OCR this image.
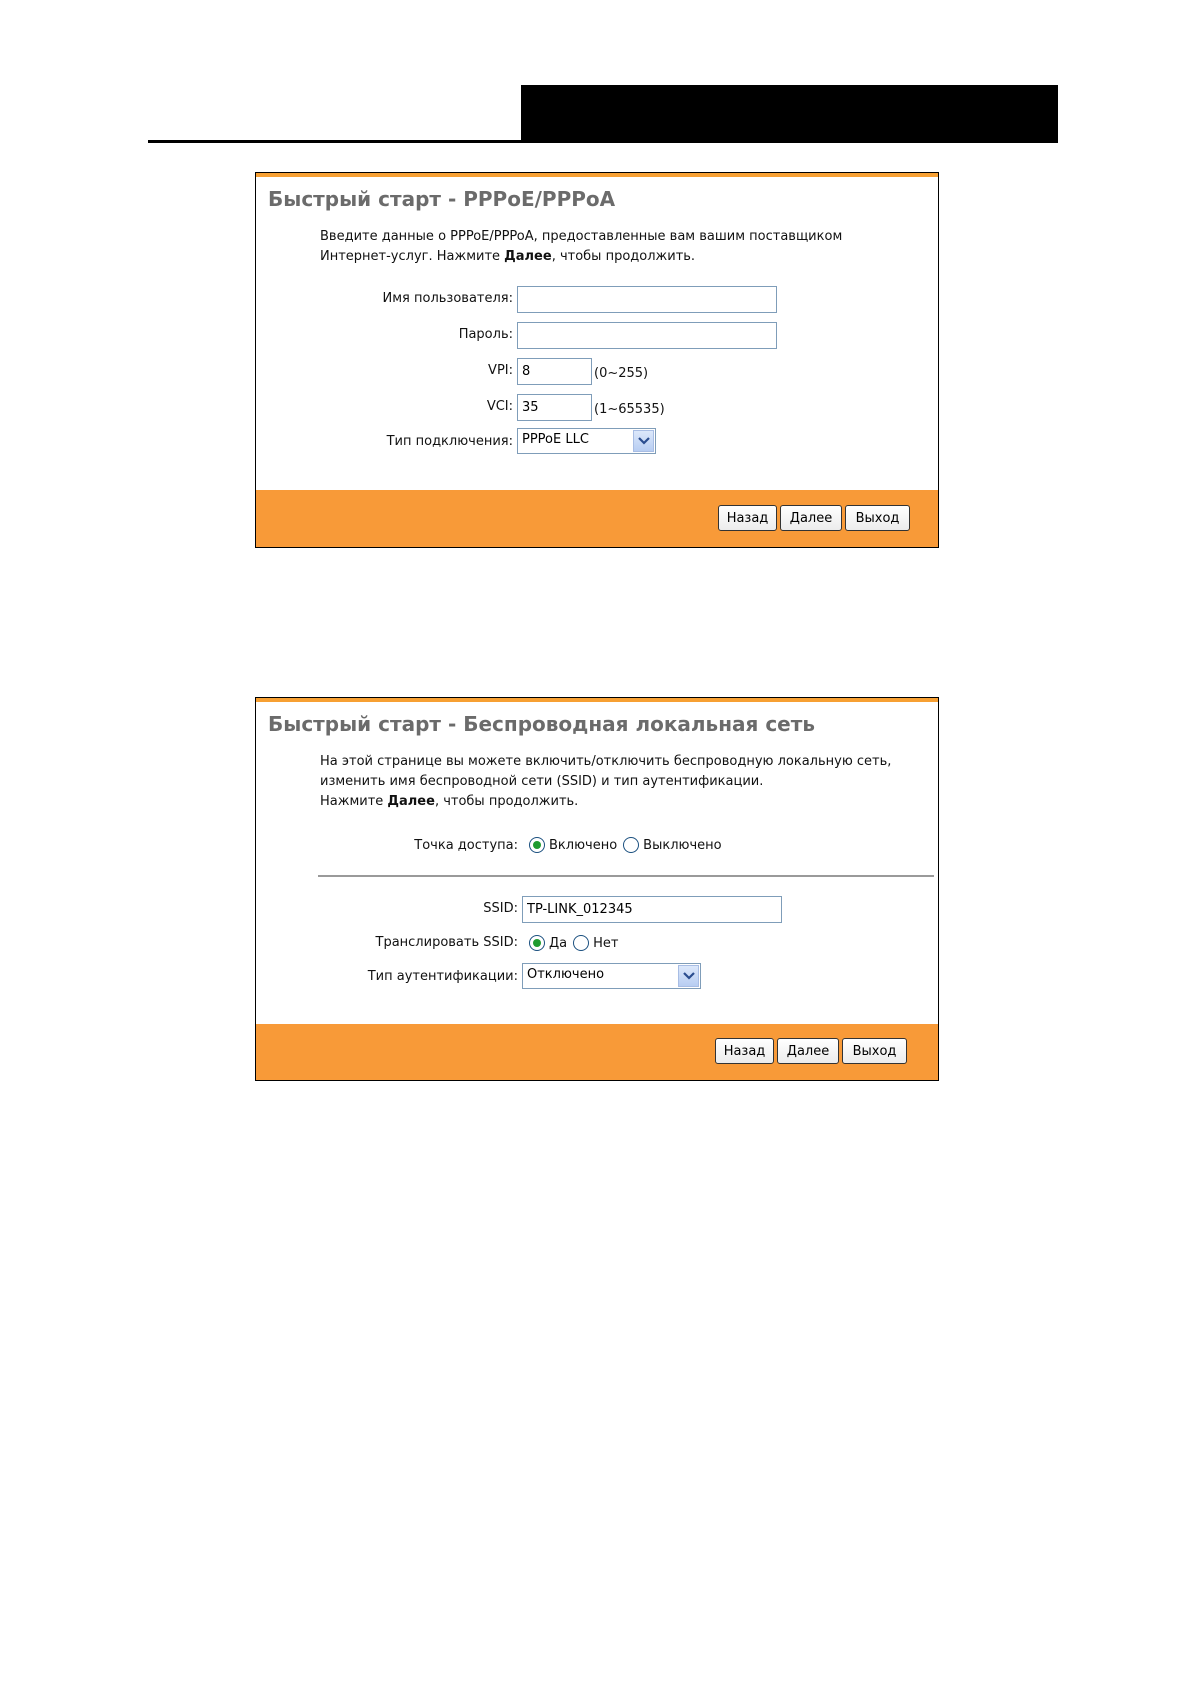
Быстрый старт - PPPoE/PPPoA
Введите данные о PPPoE/PPPoA, предоставленные вам вашим поставщиком
Интернет-услуг. Нажмите Далее, чтобы продолжить.
Имя пользователя:
Пароль:
VPI:
8	(0~255)
VCI:
35	(1~65535)
Тип подключения: PPPoE LLC
Назад	Далее	Выход
Быстрый старт - Беспроводная локальная сеть
На этой странице вы можете включить/отключить беспроводную локальную сеть,
изменить имя беспроводной сети (SSID) и тип аутентификации.
Нажмите Далее, чтобы продолжить.
Точка доступа: Включено Выключено
SSID:
TP-LINK_012345
Транслировать SSID: Да Нет
Тип аутентификации: Отключено
Назад	Далее	Выход
